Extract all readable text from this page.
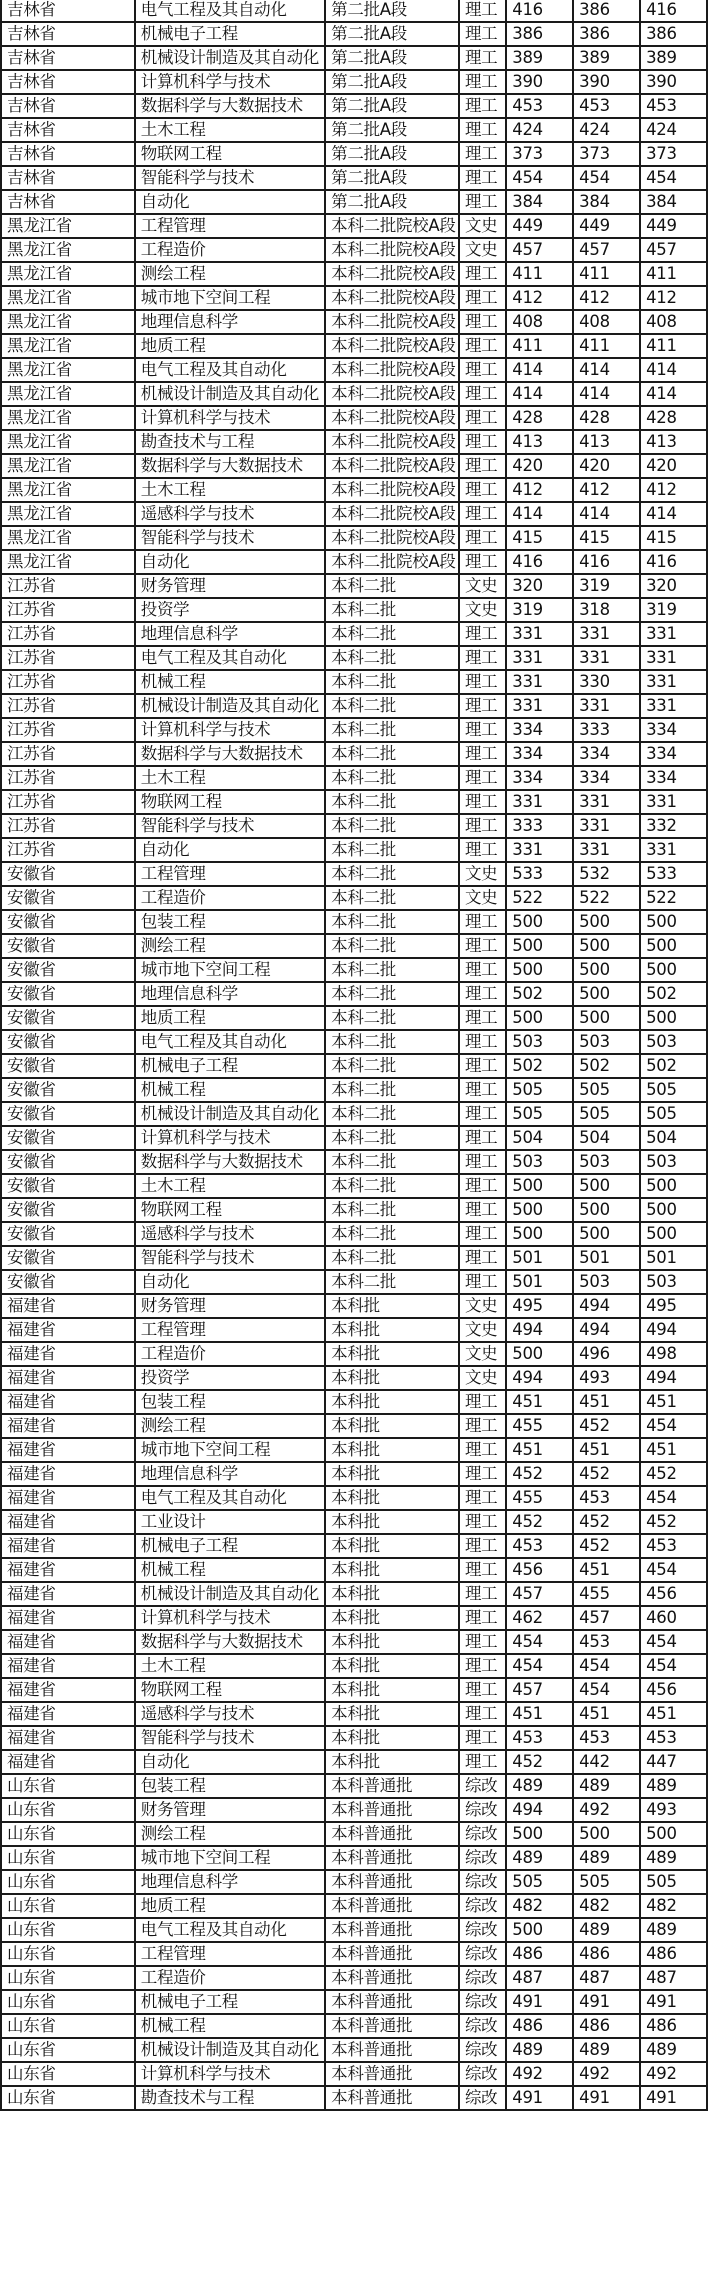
吉林省	电气工程及其自动化	第二批A段	理工	416	386	416
吉林省	机械电子工程	第二批A段	理工	386	386	386
吉林省	机械设计制造及其自动化	第二批A段	理工	389	389	389
吉林省	计算机科学与技术	第二批A段	理工	390	390	390
吉林省	数据科学与大数据技术	第二批A段	理工	453	453	453
吉林省	土木工程	第二批A段	理工	424	424	424
吉林省	物联网工程	第二批A段	理工	373	373	373
吉林省	智能科学与技术	第二批A段	理工	454	454	454
吉林省	自动化	第二批A段	理工	384	384	384
黑龙江省	工程管理	本科二批院校A段	文史	449	449	449
黑龙江省	工程造价	本科二批院校A段	文史	457	457	457
黑龙江省	测绘工程	本科二批院校A段	理工	411	411	411
黑龙江省	城市地下空间工程	本科二批院校A段	理工	412	412	412
黑龙江省	地理信息科学	本科二批院校A段	理工	408	408	408
黑龙江省	地质工程	本科二批院校A段	理工	411	411	411
黑龙江省	电气工程及其自动化	本科二批院校A段	理工	414	414	414
黑龙江省	机械设计制造及其自动化	本科二批院校A段	理工	414	414	414
黑龙江省	计算机科学与技术	本科二批院校A段	理工	428	428	428
黑龙江省	勘查技术与工程	本科二批院校A段	理工	413	413	413
黑龙江省	数据科学与大数据技术	本科二批院校A段	理工	420	420	420
黑龙江省	土木工程	本科二批院校A段	理工	412	412	412
黑龙江省	遥感科学与技术	本科二批院校A段	理工	414	414	414
黑龙江省	智能科学与技术	本科二批院校A段	理工	415	415	415
黑龙江省	自动化	本科二批院校A段	理工	416	416	416
江苏省	财务管理	本科二批	文史	320	319	320
江苏省	投资学	本科二批	文史	319	318	319
江苏省	地理信息科学	本科二批	理工	331	331	331
江苏省	电气工程及其自动化	本科二批	理工	331	331	331
江苏省	机械工程	本科二批	理工	331	330	331
江苏省	机械设计制造及其自动化	本科二批	理工	331	331	331
江苏省	计算机科学与技术	本科二批	理工	334	333	334
江苏省	数据科学与大数据技术	本科二批	理工	334	334	334
江苏省	土木工程	本科二批	理工	334	334	334
江苏省	物联网工程	本科二批	理工	331	331	331
江苏省	智能科学与技术	本科二批	理工	333	331	332
江苏省	自动化	本科二批	理工	331	331	331
安徽省	工程管理	本科二批	文史	533	532	533
安徽省	工程造价	本科二批	文史	522	522	522
安徽省	包装工程	本科二批	理工	500	500	500
安徽省	测绘工程	本科二批	理工	500	500	500
安徽省	城市地下空间工程	本科二批	理工	500	500	500
安徽省	地理信息科学	本科二批	理工	502	500	502
安徽省	地质工程	本科二批	理工	500	500	500
安徽省	电气工程及其自动化	本科二批	理工	503	503	503
安徽省	机械电子工程	本科二批	理工	502	502	502
安徽省	机械工程	本科二批	理工	505	505	505
安徽省	机械设计制造及其自动化	本科二批	理工	505	505	505
安徽省	计算机科学与技术	本科二批	理工	504	504	504
安徽省	数据科学与大数据技术	本科二批	理工	503	503	503
安徽省	土木工程	本科二批	理工	500	500	500
安徽省	物联网工程	本科二批	理工	500	500	500
安徽省	遥感科学与技术	本科二批	理工	500	500	500
安徽省	智能科学与技术	本科二批	理工	501	501	501
安徽省	自动化	本科二批	理工	501	503	503
福建省	财务管理	本科批	文史	495	494	495
福建省	工程管理	本科批	文史	494	494	494
福建省	工程造价	本科批	文史	500	496	498
福建省	投资学	本科批	文史	494	493	494
福建省	包装工程	本科批	理工	451	451	451
福建省	测绘工程	本科批	理工	455	452	454
福建省	城市地下空间工程	本科批	理工	451	451	451
福建省	地理信息科学	本科批	理工	452	452	452
福建省	电气工程及其自动化	本科批	理工	455	453	454
福建省	工业设计	本科批	理工	452	452	452
福建省	机械电子工程	本科批	理工	453	452	453
福建省	机械工程	本科批	理工	456	451	454
福建省	机械设计制造及其自动化	本科批	理工	457	455	456
福建省	计算机科学与技术	本科批	理工	462	457	460
福建省	数据科学与大数据技术	本科批	理工	454	453	454
福建省	土木工程	本科批	理工	454	454	454
福建省	物联网工程	本科批	理工	457	454	456
福建省	遥感科学与技术	本科批	理工	451	451	451
福建省	智能科学与技术	本科批	理工	453	453	453
福建省	自动化	本科批	理工	452	442	447
山东省	包装工程	本科普通批	综改	489	489	489
山东省	财务管理	本科普通批	综改	494	492	493
山东省	测绘工程	本科普通批	综改	500	500	500
山东省	城市地下空间工程	本科普通批	综改	489	489	489
山东省	地理信息科学	本科普通批	综改	505	505	505
山东省	地质工程	本科普通批	综改	482	482	482
山东省	电气工程及其自动化	本科普通批	综改	500	489	489
山东省	工程管理	本科普通批	综改	486	486	486
山东省	工程造价	本科普通批	综改	487	487	487
山东省	机械电子工程	本科普通批	综改	491	491	491
山东省	机械工程	本科普通批	综改	486	486	486
山东省	机械设计制造及其自动化	本科普通批	综改	489	489	489
山东省	计算机科学与技术	本科普通批	综改	492	492	492
山东省	勘查技术与工程	本科普通批	综改	491	491	491
